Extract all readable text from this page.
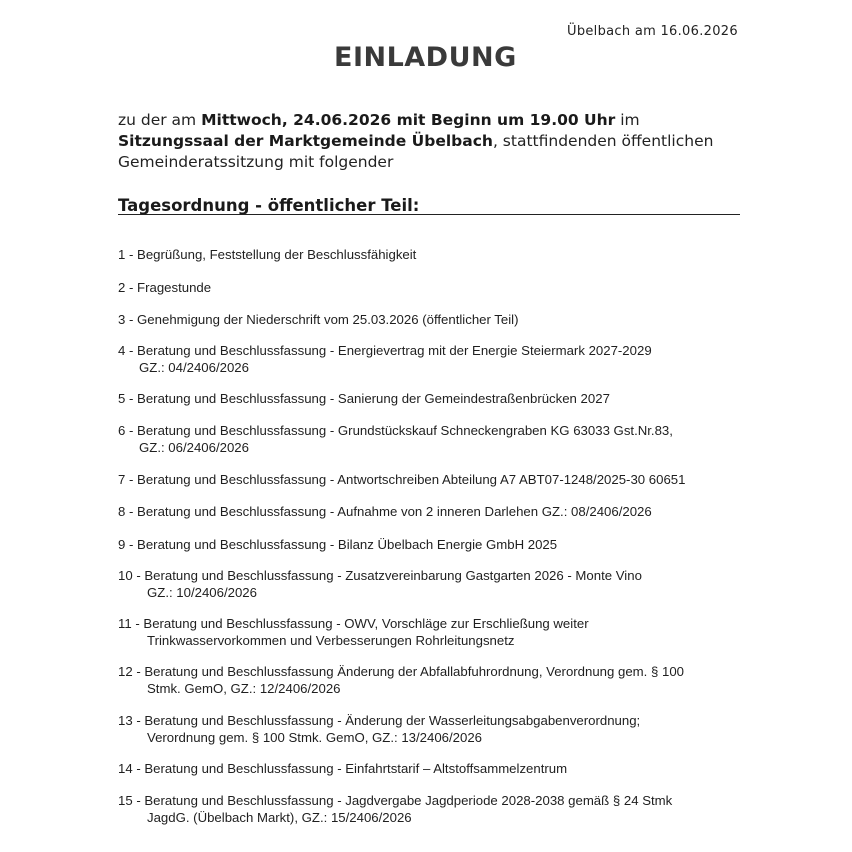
Übelbach am 16.06.2026
EINLADUNG
zu der am Mittwoch, 24.06.2026 mit Beginn um 19.00 Uhr im
Sitzungssaal der Marktgemeinde Übelbach, stattfindenden öffentlichen
Gemeinderatssitzung mit folgender
Tagesordnung - öffentlicher Teil:
1 - Begrüßung, Feststellung der Beschlussfähigkeit
2 - Fragestunde
3 - Genehmigung der Niederschrift vom 25.03.2026 (öffentlicher Teil)
4 - Beratung und Beschlussfassung - Energievertrag mit der Energie Steiermark 2027-2029
GZ.: 04/2406/2026
5 - Beratung und Beschlussfassung - Sanierung der Gemeindestraßenbrücken 2027
6 - Beratung und Beschlussfassung - Grundstückskauf Schneckengraben KG 63033 Gst.Nr.83,
GZ.: 06/2406/2026
7 - Beratung und Beschlussfassung - Antwortschreiben Abteilung A7 ABT07-1248/2025-30 60651
8 - Beratung und Beschlussfassung - Aufnahme von 2 inneren Darlehen GZ.: 08/2406/2026
9 - Beratung und Beschlussfassung - Bilanz Übelbach Energie GmbH 2025
10 - Beratung und Beschlussfassung - Zusatzvereinbarung Gastgarten 2026 - Monte Vino
GZ.: 10/2406/2026
11 - Beratung und Beschlussfassung - OWV, Vorschläge zur Erschließung weiter
Trinkwasservorkommen und Verbesserungen Rohrleitungsnetz
12 - Beratung und Beschlussfassung Änderung der Abfallabfuhrordnung, Verordnung gem. § 100
Stmk. GemO, GZ.: 12/2406/2026
13 - Beratung und Beschlussfassung - Änderung der Wasserleitungsabgabenverordnung;
Verordnung gem. § 100 Stmk. GemO, GZ.: 13/2406/2026
14 - Beratung und Beschlussfassung - Einfahrtstarif – Altstoffsammelzentrum
15 - Beratung und Beschlussfassung - Jagdvergabe Jagdperiode 2028-2038 gemäß § 24 Stmk
JagdG. (Übelbach Markt), GZ.: 15/2406/2026
